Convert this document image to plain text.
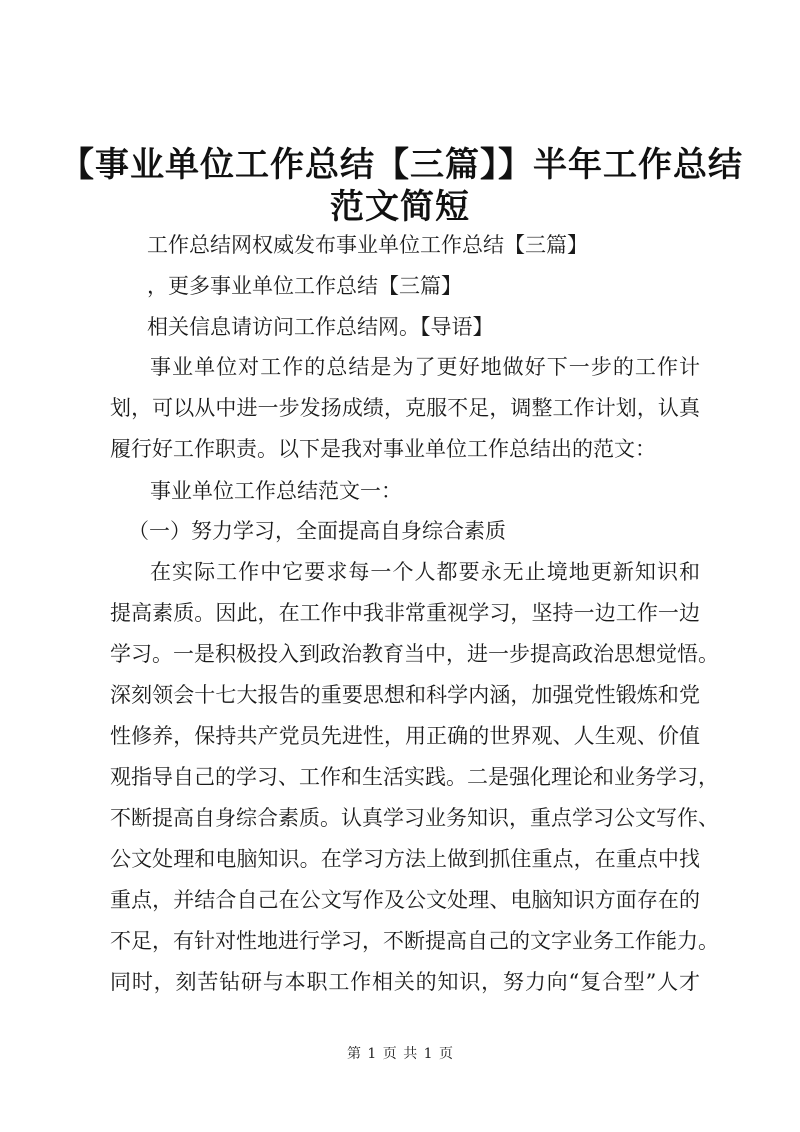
【事业单位工作总结【三篇】】半年工作总结
范文简短
工作总结网权威发布事业单位工作总结【三篇】
，更多事业单位工作总结【三篇】
相关信息请访问工作总结网。【导语】
事业单位对工作的总结是为了更好地做好下一步的工作计
划，可以从中进一步发扬成绩，克服不足，调整工作计划，认真
履行好工作职责。以下是我对事业单位工作总结出的范文：
事业单位工作总结范文一：
（一）努力学习，全面提高自身综合素质
在实际工作中它要求每一个人都要永无止境地更新知识和
提高素质。因此，在工作中我非常重视学习，坚持一边工作一边
学习。一是积极投入到政治教育当中，进一步提高政治思想觉悟。
深刻领会十七大报告的重要思想和科学内涵，加强党性锻炼和党
性修养，保持共产党员先进性，用正确的世界观、人生观、价值
观指导自己的学习、工作和生活实践。二是强化理论和业务学习，
不断提高自身综合素质。认真学习业务知识，重点学习公文写作、
公文处理和电脑知识。在学习方法上做到抓住重点，在重点中找
重点，并结合自己在公文写作及公文处理、电脑知识方面存在的
不足，有针对性地进行学习，不断提高自己的文字业务工作能力。
同时，刻苦钻研与本职工作相关的知识，努力向“复合型”人才
第 1 页 共 1 页
